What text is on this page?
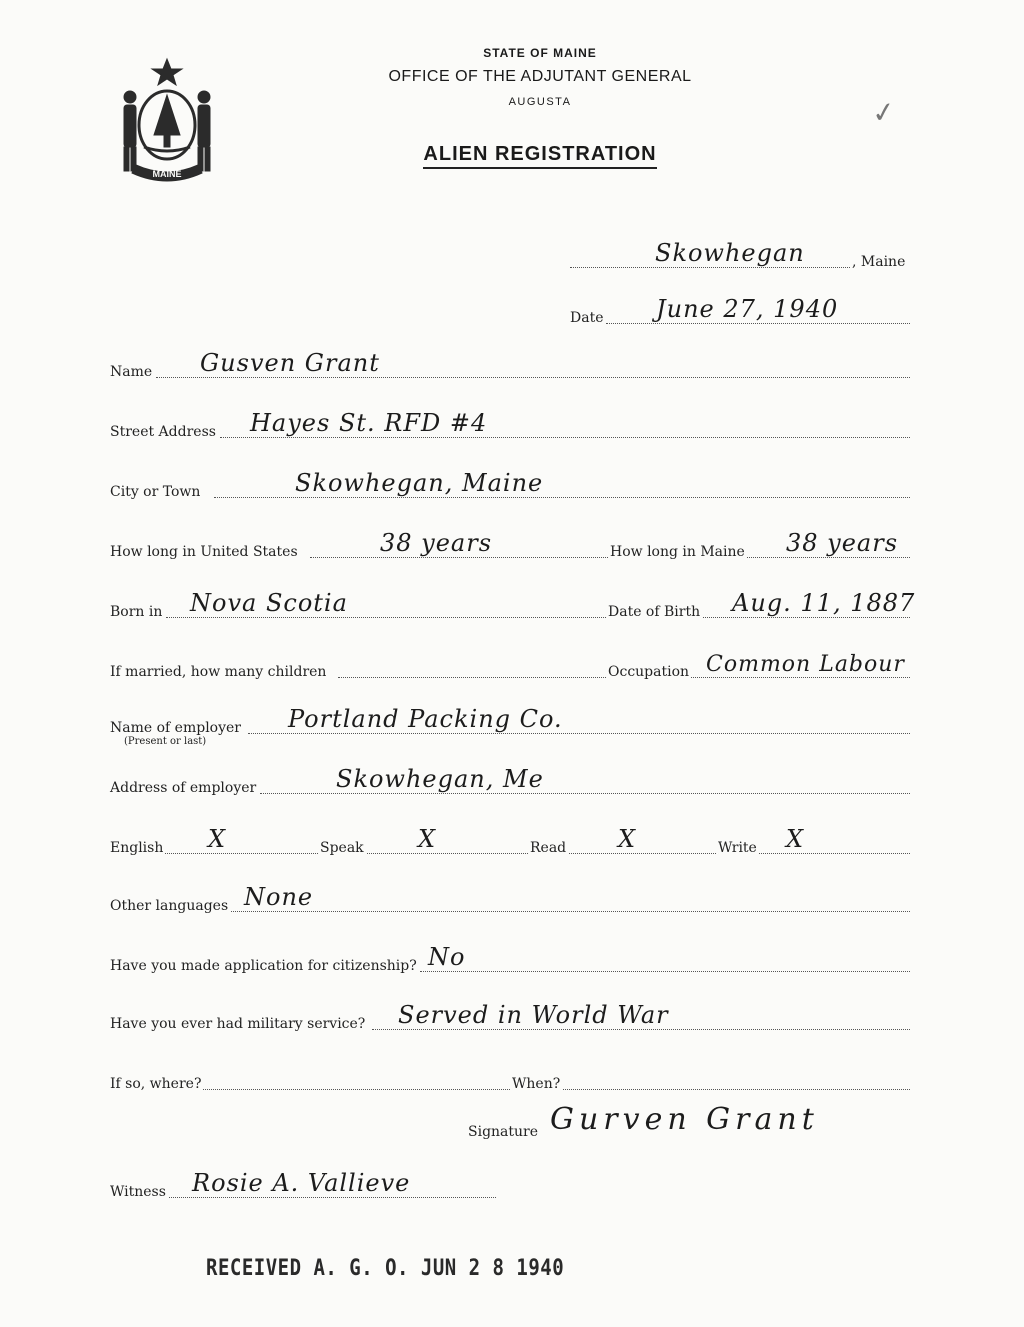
MAINE
STATE OF MAINE
OFFICE OF THE ADJUTANT GENERAL
AUGUSTA
ALIEN REGISTRATION
✓
Skowhegan	, Maine
Date June 27, 1940
Name Gusven Grant
Street Address Hayes St. RFD #4
City or Town	Skowhegan, Maine
How long in United States	38 years	How long in Maine 38 years
Born in Nova Scotia	Date of Birth Aug. 11, 1887
If married, how many children	Occupation Common Labour
Name of employer Portland Packing Co.
(Present or last)
Address of employer	Skowhegan, Me
English X	Speak X	Read X	Write X
Other languages None
Have you made application for citizenship? No
Have you ever had military service? Served in World War
If so, where?	When?
Signature Gurven Grant
Witness Rosie A. Vallieve
RECEIVED A. G. O. JUN 2 8 1940
